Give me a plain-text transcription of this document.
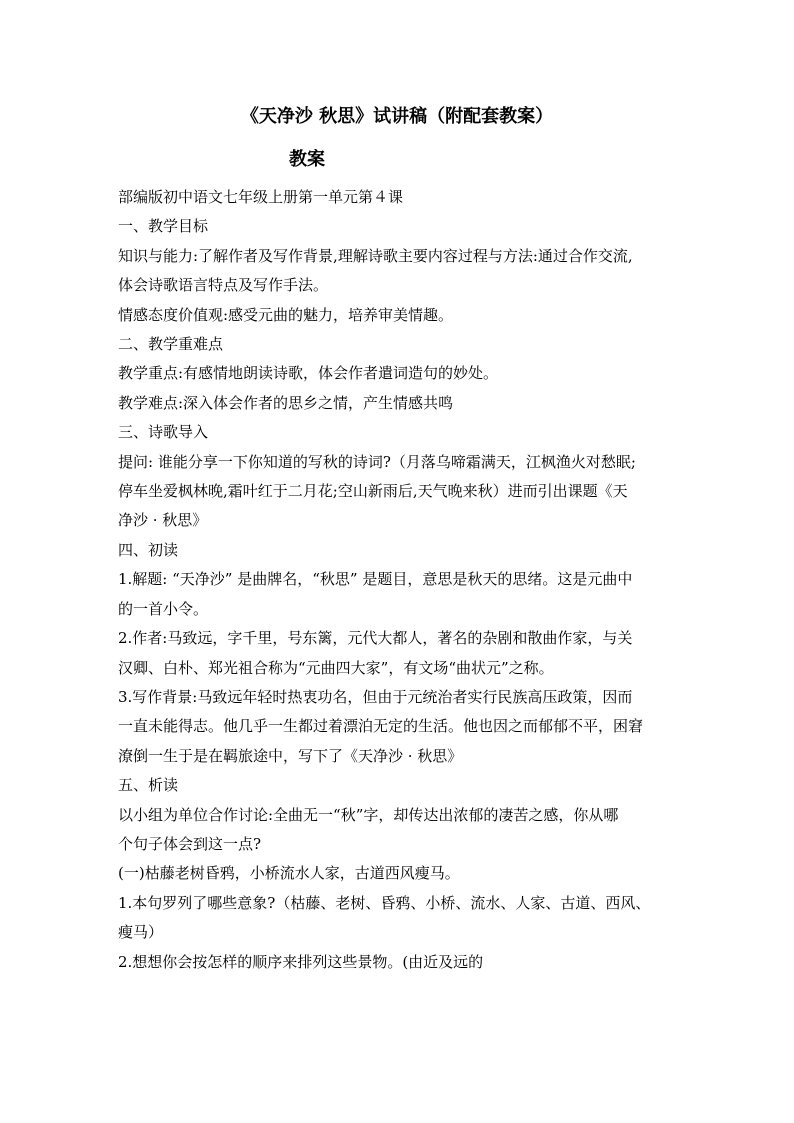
《天净沙 秋思》试讲稿（附配套教案）
教案

部编版初中语文七年级上册第一单元第４课

一、教学目标

知识与能力:了解作者及写作背景,理解诗歌主要内容过程与方法:通过合作交流,

体会诗歌语言特点及写作手法。

情感态度价值观:感受元曲的魅力，培养审美情趣。

二、教学重难点

教学重点:有感情地朗读诗歌，体会作者遣词造句的妙处。

教学难点:深入体会作者的思乡之情，产生情感共鸣

三、诗歌导入

提问: 谁能分享一下你知道的写秋的诗词?（月落乌啼霜满天，江枫渔火对愁眠;

停车坐爱枫林晚,霜叶红于二月花;空山新雨后,天气晚来秋）进而引出课题《天

净沙 · 秋思》

四、初读

1.解题: “天净沙” 是曲牌名，“秋思” 是题目，意思是秋天的思绪。这是元曲中

的一首小令。

2.作者:马致远，字千里，号东篱，元代大都人，著名的杂剧和散曲作家，与关

汉卿、白朴、郑光祖合称为“元曲四大家”，有文场“曲状元”之称。

3.写作背景:马致远年轻时热衷功名，但由于元统治者实行民族高压政策，因而

一直未能得志。他几乎一生都过着漂泊无定的生活。他也因之而郁郁不平，困窘

潦倒一生于是在羁旅途中，写下了《天净沙 · 秋思》

五、析读

以小组为单位合作讨论:全曲无一“秋”字，却传达出浓郁的凄苦之感，你从哪

个句子体会到这一点?

(一)枯藤老树昏鸦，小桥流水人家，古道西风瘦马。

1.本句罗列了哪些意象?（枯藤、老树、昏鸦、小桥、流水、人家、古道、西风、

瘦马）

2.想想你会按怎样的顺序来排列这些景物。(由近及远的
